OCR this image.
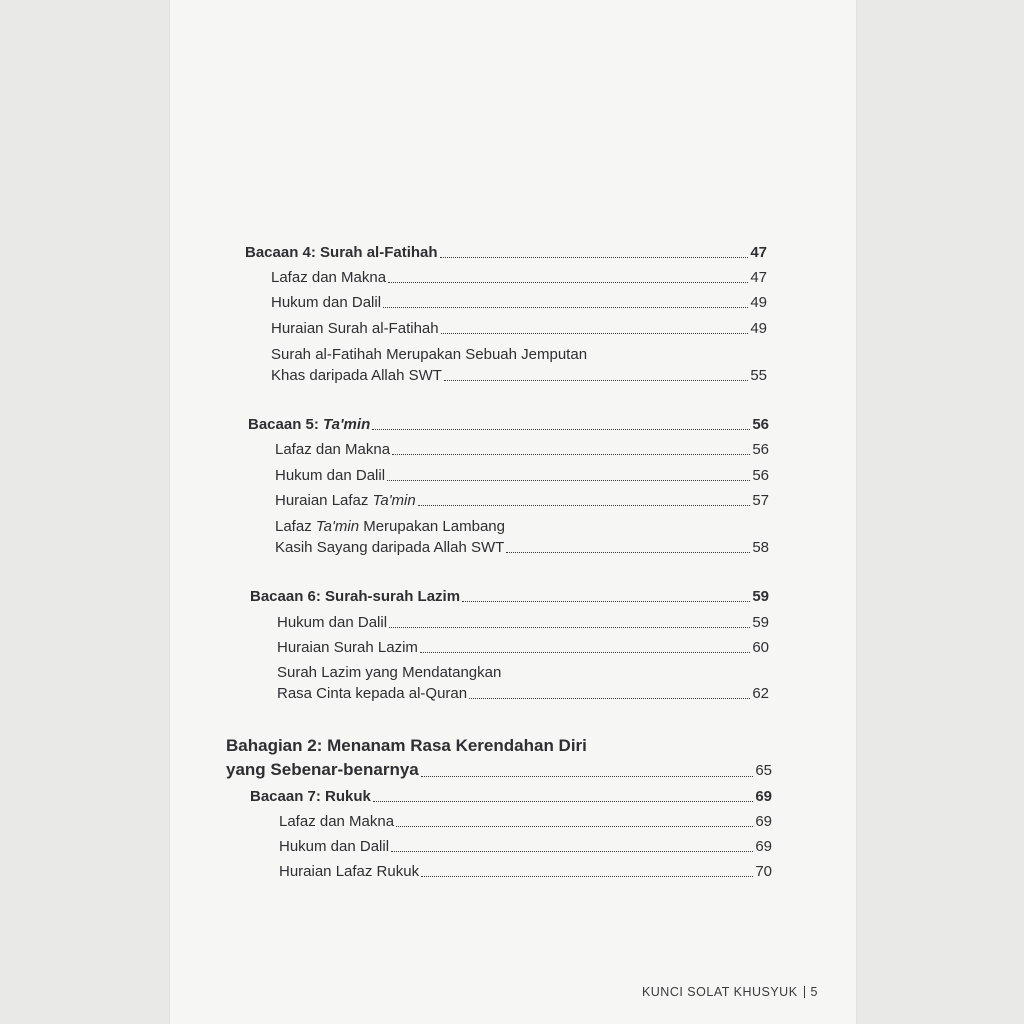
Bacaan 4: Surah al-Fatihah	47
Lafaz dan Makna	47
Hukum dan Dalil	49
Huraian Surah al-Fatihah	49
Surah al-Fatihah Merupakan Sebuah Jemputan
Khas daripada Allah SWT	55
Bacaan 5: Ta'min	56
Lafaz dan Makna	56
Hukum dan Dalil	56
Huraian Lafaz Ta'min	57
Lafaz Ta'min Merupakan Lambang
Kasih Sayang daripada Allah SWT	58
Bacaan 6: Surah-surah Lazim	59
Hukum dan Dalil	59
Huraian Surah Lazim	60
Surah Lazim yang Mendatangkan
Rasa Cinta kepada al-Quran	62
Bahagian 2: Menanam Rasa Kerendahan Diri
yang Sebenar-benarnya	65
Bacaan 7: Rukuk	69
Lafaz dan Makna	69
Hukum dan Dalil	69
Huraian Lafaz Rukuk	70
KUNCI SOLAT KHUSYUK 5
